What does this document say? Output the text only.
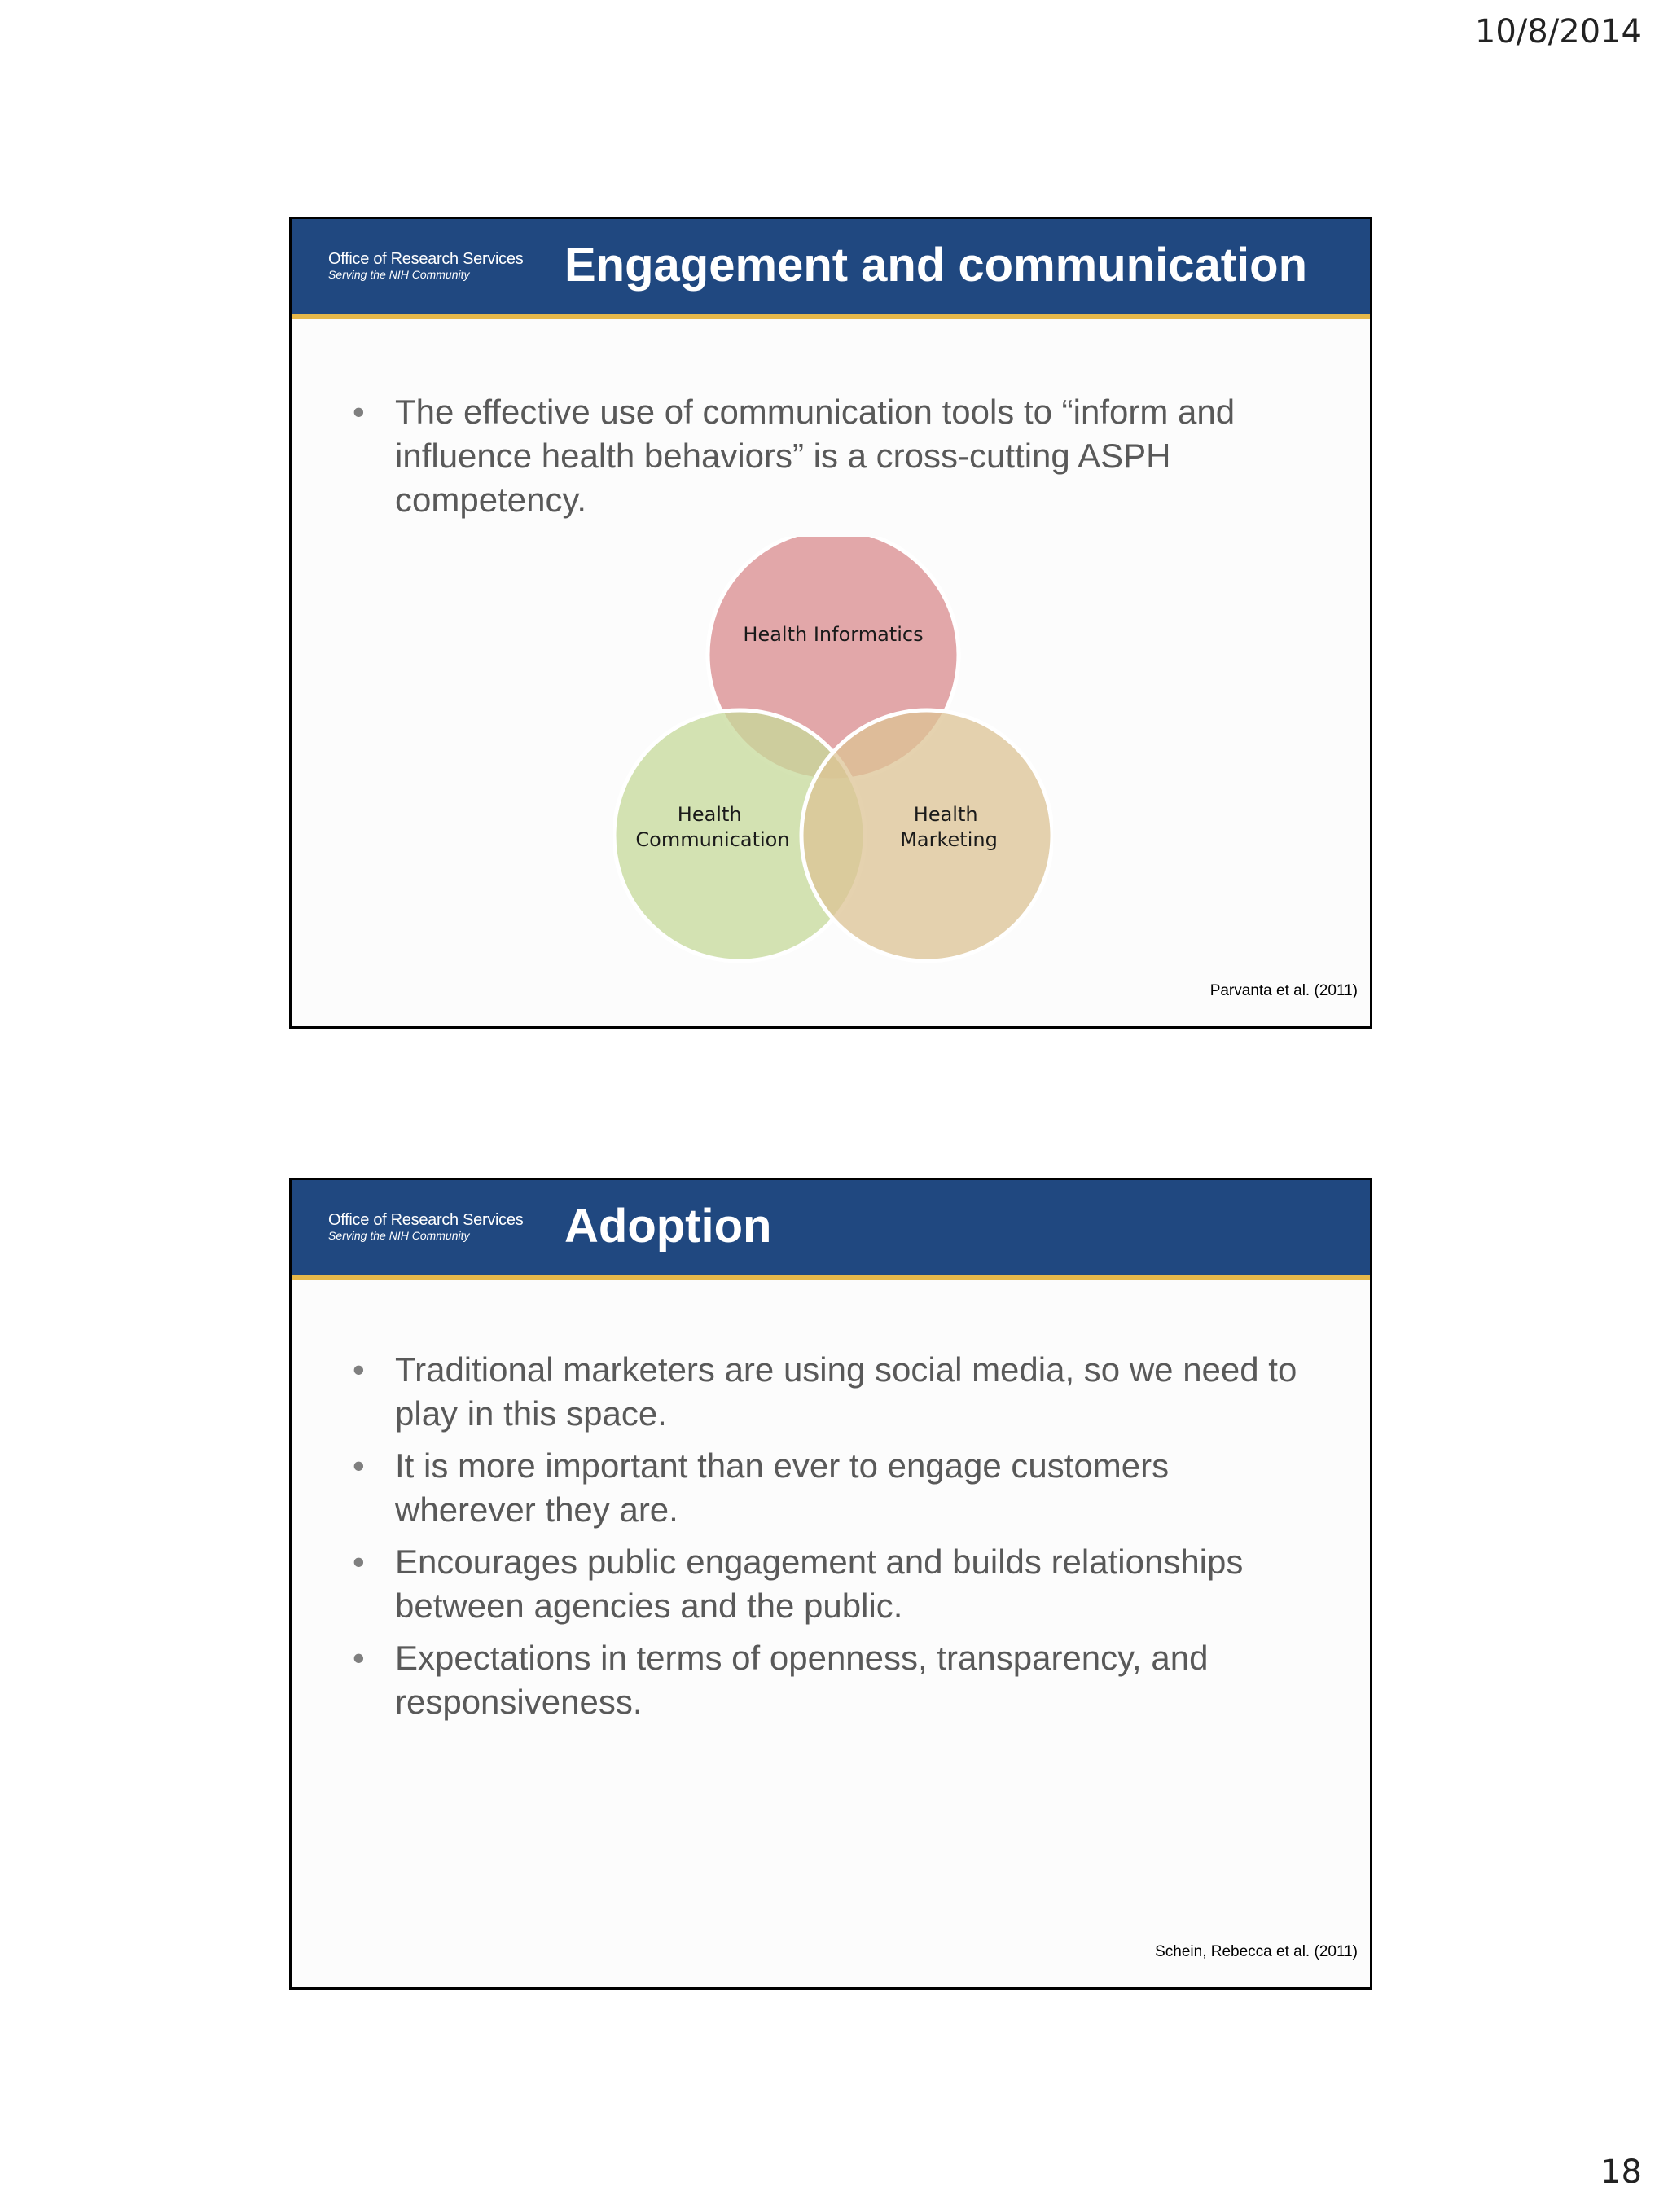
10/8/2014
Office of Research Services
Serving the NIH Community	Engagement and communication
• The effective use of communication tools to “inform and influence health behaviors” is a cross-cutting ASPH competency.
Health Informatics
Health Communication
Health Marketing
Parvanta et al. (2011)
Office of Research Services
Serving the NIH Community	Adoption
• Traditional marketers are using social media, so we need to play in this space.
• It is more important than ever to engage customers wherever they are.
• Encourages public engagement and builds relationships between agencies and the public.
• Expectations in terms of openness, transparency, and responsiveness.
Schein, Rebecca et al. (2011)
18
